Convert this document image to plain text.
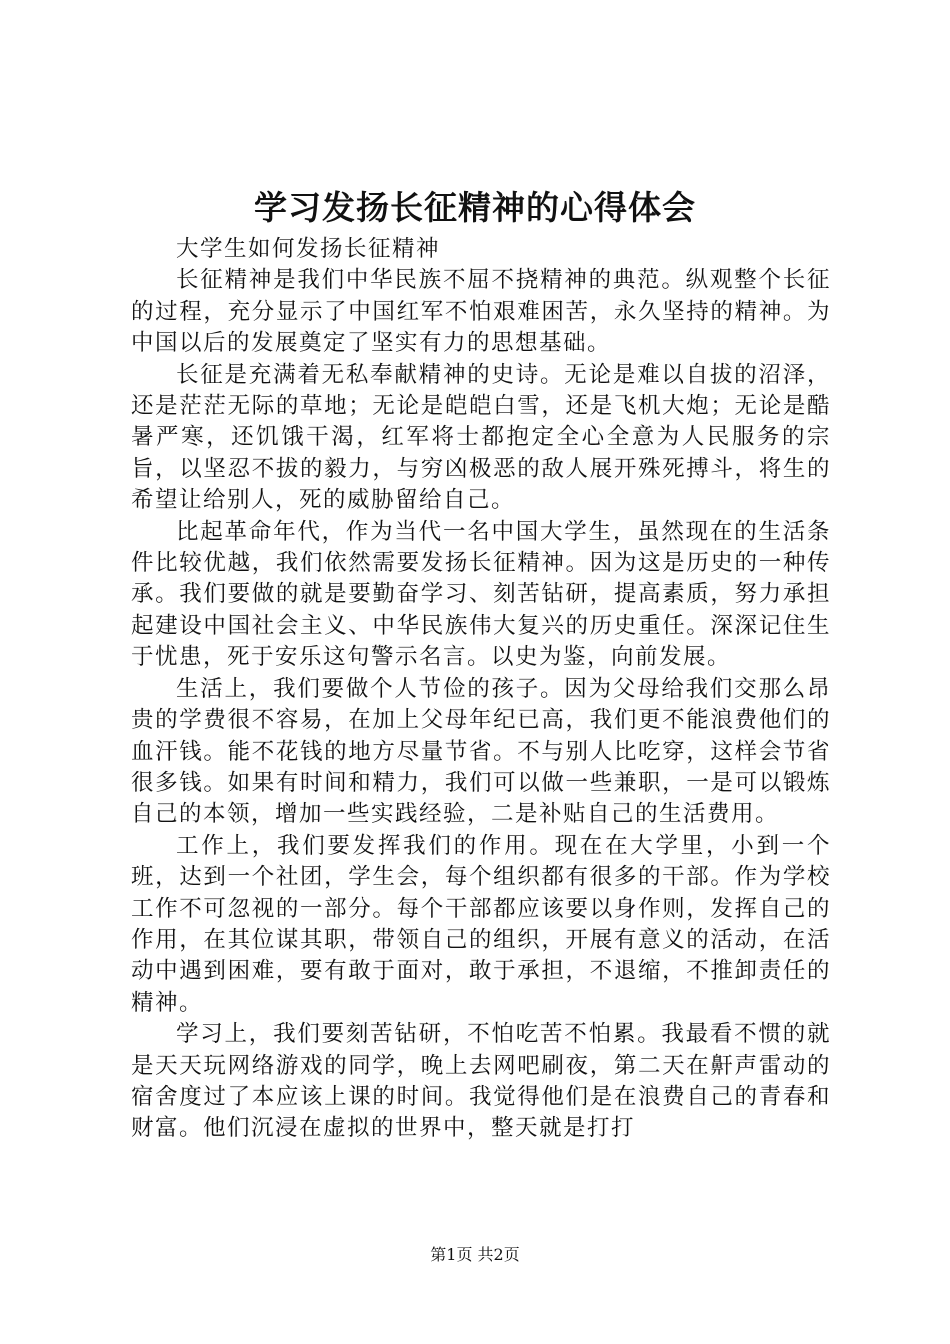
学习发扬长征精神的心得体会

大学生如何发扬长征精神

长征精神是我们中华民族不屈不挠精神的典范。纵观整个长征的过程，充分显示了中国红军不怕艰难困苦，永久坚持的精神。为中国以后的发展奠定了坚实有力的思想基础。

长征是充满着无私奉献精神的史诗。无论是难以自拔的沼泽，还是茫茫无际的草地；无论是皑皑白雪，还是飞机大炮；无论是酷暑严寒，还饥饿干渴，红军将士都抱定全心全意为人民服务的宗旨，以坚忍不拔的毅力，与穷凶极恶的敌人展开殊死搏斗，将生的希望让给别人，死的威胁留给自己。

比起革命年代，作为当代一名中国大学生，虽然现在的生活条件比较优越，我们依然需要发扬长征精神。因为这是历史的一种传承。我们要做的就是要勤奋学习、刻苦钻研，提高素质，努力承担起建设中国社会主义、中华民族伟大复兴的历史重任。深深记住生于忧患，死于安乐这句警示名言。以史为鉴，向前发展。

生活上，我们要做个人节俭的孩子。因为父母给我们交那么昂贵的学费很不容易，在加上父母年纪已高，我们更不能浪费他们的血汗钱。能不花钱的地方尽量节省。不与别人比吃穿，这样会节省很多钱。如果有时间和精力，我们可以做一些兼职，一是可以锻炼自己的本领，增加一些实践经验，二是补贴自己的生活费用。

工作上，我们要发挥我们的作用。现在在大学里，小到一个班，达到一个社团，学生会，每个组织都有很多的干部。作为学校工作不可忽视的一部分。每个干部都应该要以身作则，发挥自己的作用，在其位谋其职，带领自己的组织，开展有意义的活动，在活动中遇到困难，要有敢于面对，敢于承担，不退缩，不推卸责任的精神。

学习上，我们要刻苦钻研，不怕吃苦不怕累。我最看不惯的就是天天玩网络游戏的同学，晚上去网吧刷夜，第二天在鼾声雷动的宿舍度过了本应该上课的时间。我觉得他们是在浪费自己的青春和财富。他们沉浸在虚拟的世界中，整天就是打打

第1页 共2页
